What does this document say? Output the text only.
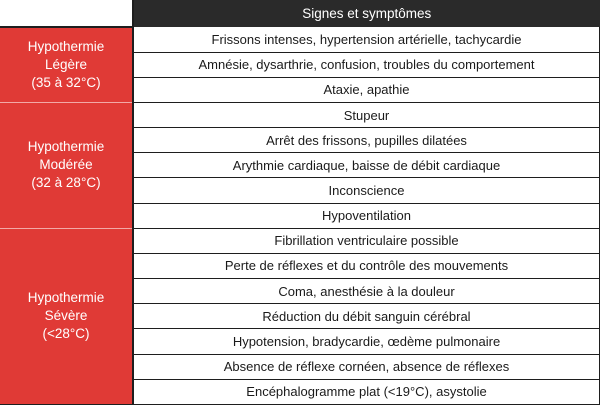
	Signes et symptômes

Hypothermie
Légère
(35 à 32°C)	Frissons intenses, hypertension artérielle, tachycardie
	Amnésie, dysarthrie, confusion, troubles du comportement
	Ataxie, apathie

Hypothermie
Modérée
(32 à 28°C)	Stupeur
	Arrêt des frissons, pupilles dilatées
	Arythmie cardiaque, baisse de débit cardiaque
	Inconscience
	Hypoventilation

Hypothermie
Sévère
(<28°C)	Fibrillation ventriculaire possible
	Perte de réflexes et du contrôle des mouvements
	Coma, anesthésie à la douleur
	Réduction du débit sanguin cérébral
	Hypotension, bradycardie, œdème pulmonaire
	Absence de réflexe cornéen, absence de réflexes
	Encéphalogramme plat (<19°C), asystolie
